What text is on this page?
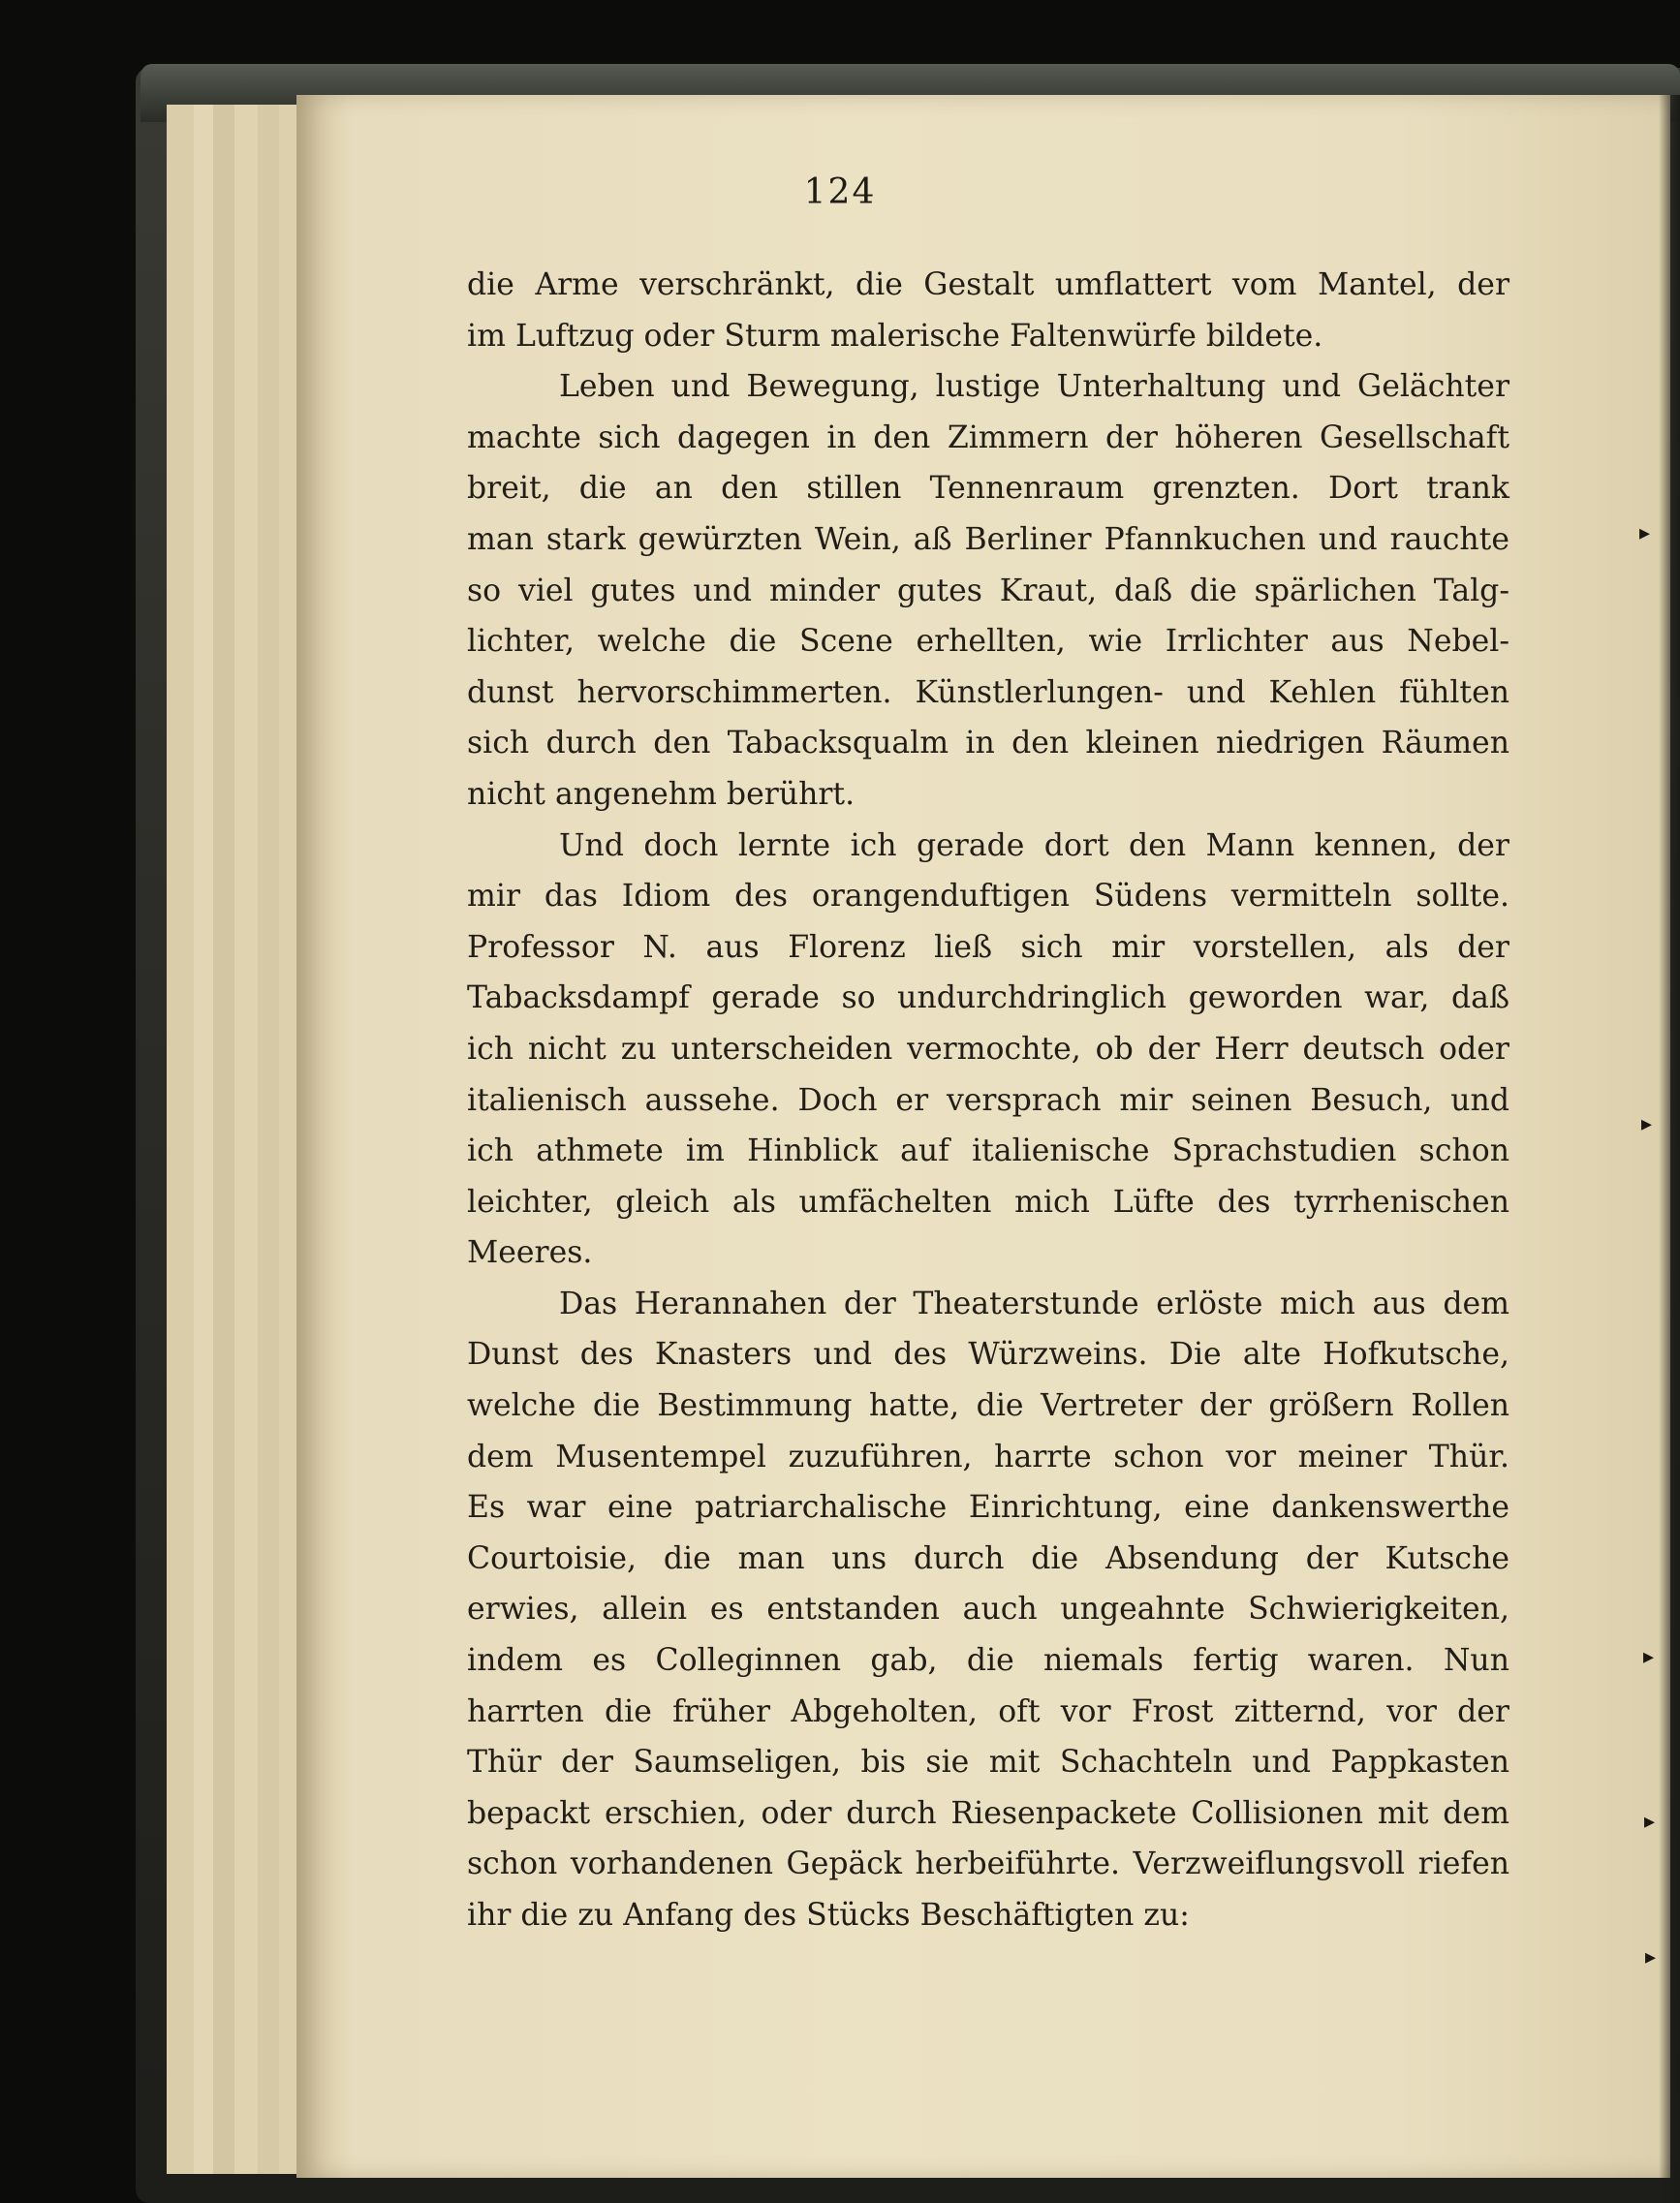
124
die Arme verschränkt, die Gestalt umflattert vom Mantel, der
im Luftzug oder Sturm malerische Faltenwürfe bildete.
Leben und Bewegung, lustige Unterhaltung und Gelächter
machte sich dagegen in den Zimmern der höheren Gesellschaft
breit, die an den stillen Tennenraum grenzten. Dort trank
man stark gewürzten Wein, aß Berliner Pfannkuchen und rauchte
so viel gutes und minder gutes Kraut, daß die spärlichen Talg-
lichter, welche die Scene erhellten, wie Irrlichter aus Nebel-
dunst hervorschimmerten. Künstlerlungen- und Kehlen fühlten
sich durch den Tabacksqualm in den kleinen niedrigen Räumen
nicht angenehm berührt.
Und doch lernte ich gerade dort den Mann kennen, der
mir das Idiom des orangenduftigen Südens vermitteln sollte.
Professor N. aus Florenz ließ sich mir vorstellen, als der
Tabacksdampf gerade so undurchdringlich geworden war, daß
ich nicht zu unterscheiden vermochte, ob der Herr deutsch oder
italienisch aussehe. Doch er versprach mir seinen Besuch, und
ich athmete im Hinblick auf italienische Sprachstudien schon
leichter, gleich als umfächelten mich Lüfte des tyrrhenischen
Meeres.
Das Herannahen der Theaterstunde erlöste mich aus dem
Dunst des Knasters und des Würzweins. Die alte Hofkutsche,
welche die Bestimmung hatte, die Vertreter der größern Rollen
dem Musentempel zuzuführen, harrte schon vor meiner Thür.
Es war eine patriarchalische Einrichtung, eine dankenswerthe
Courtoisie, die man uns durch die Absendung der Kutsche
erwies, allein es entstanden auch ungeahnte Schwierigkeiten,
indem es Colleginnen gab, die niemals fertig waren. Nun
harrten die früher Abgeholten, oft vor Frost zitternd, vor der
Thür der Saumseligen, bis sie mit Schachteln und Pappkasten
bepackt erschien, oder durch Riesenpackete Collisionen mit dem
schon vorhandenen Gepäck herbeiführte. Verzweiflungsvoll riefen
ihr die zu Anfang des Stücks Beschäftigten zu:
▸
▸
▸
▸
▸
